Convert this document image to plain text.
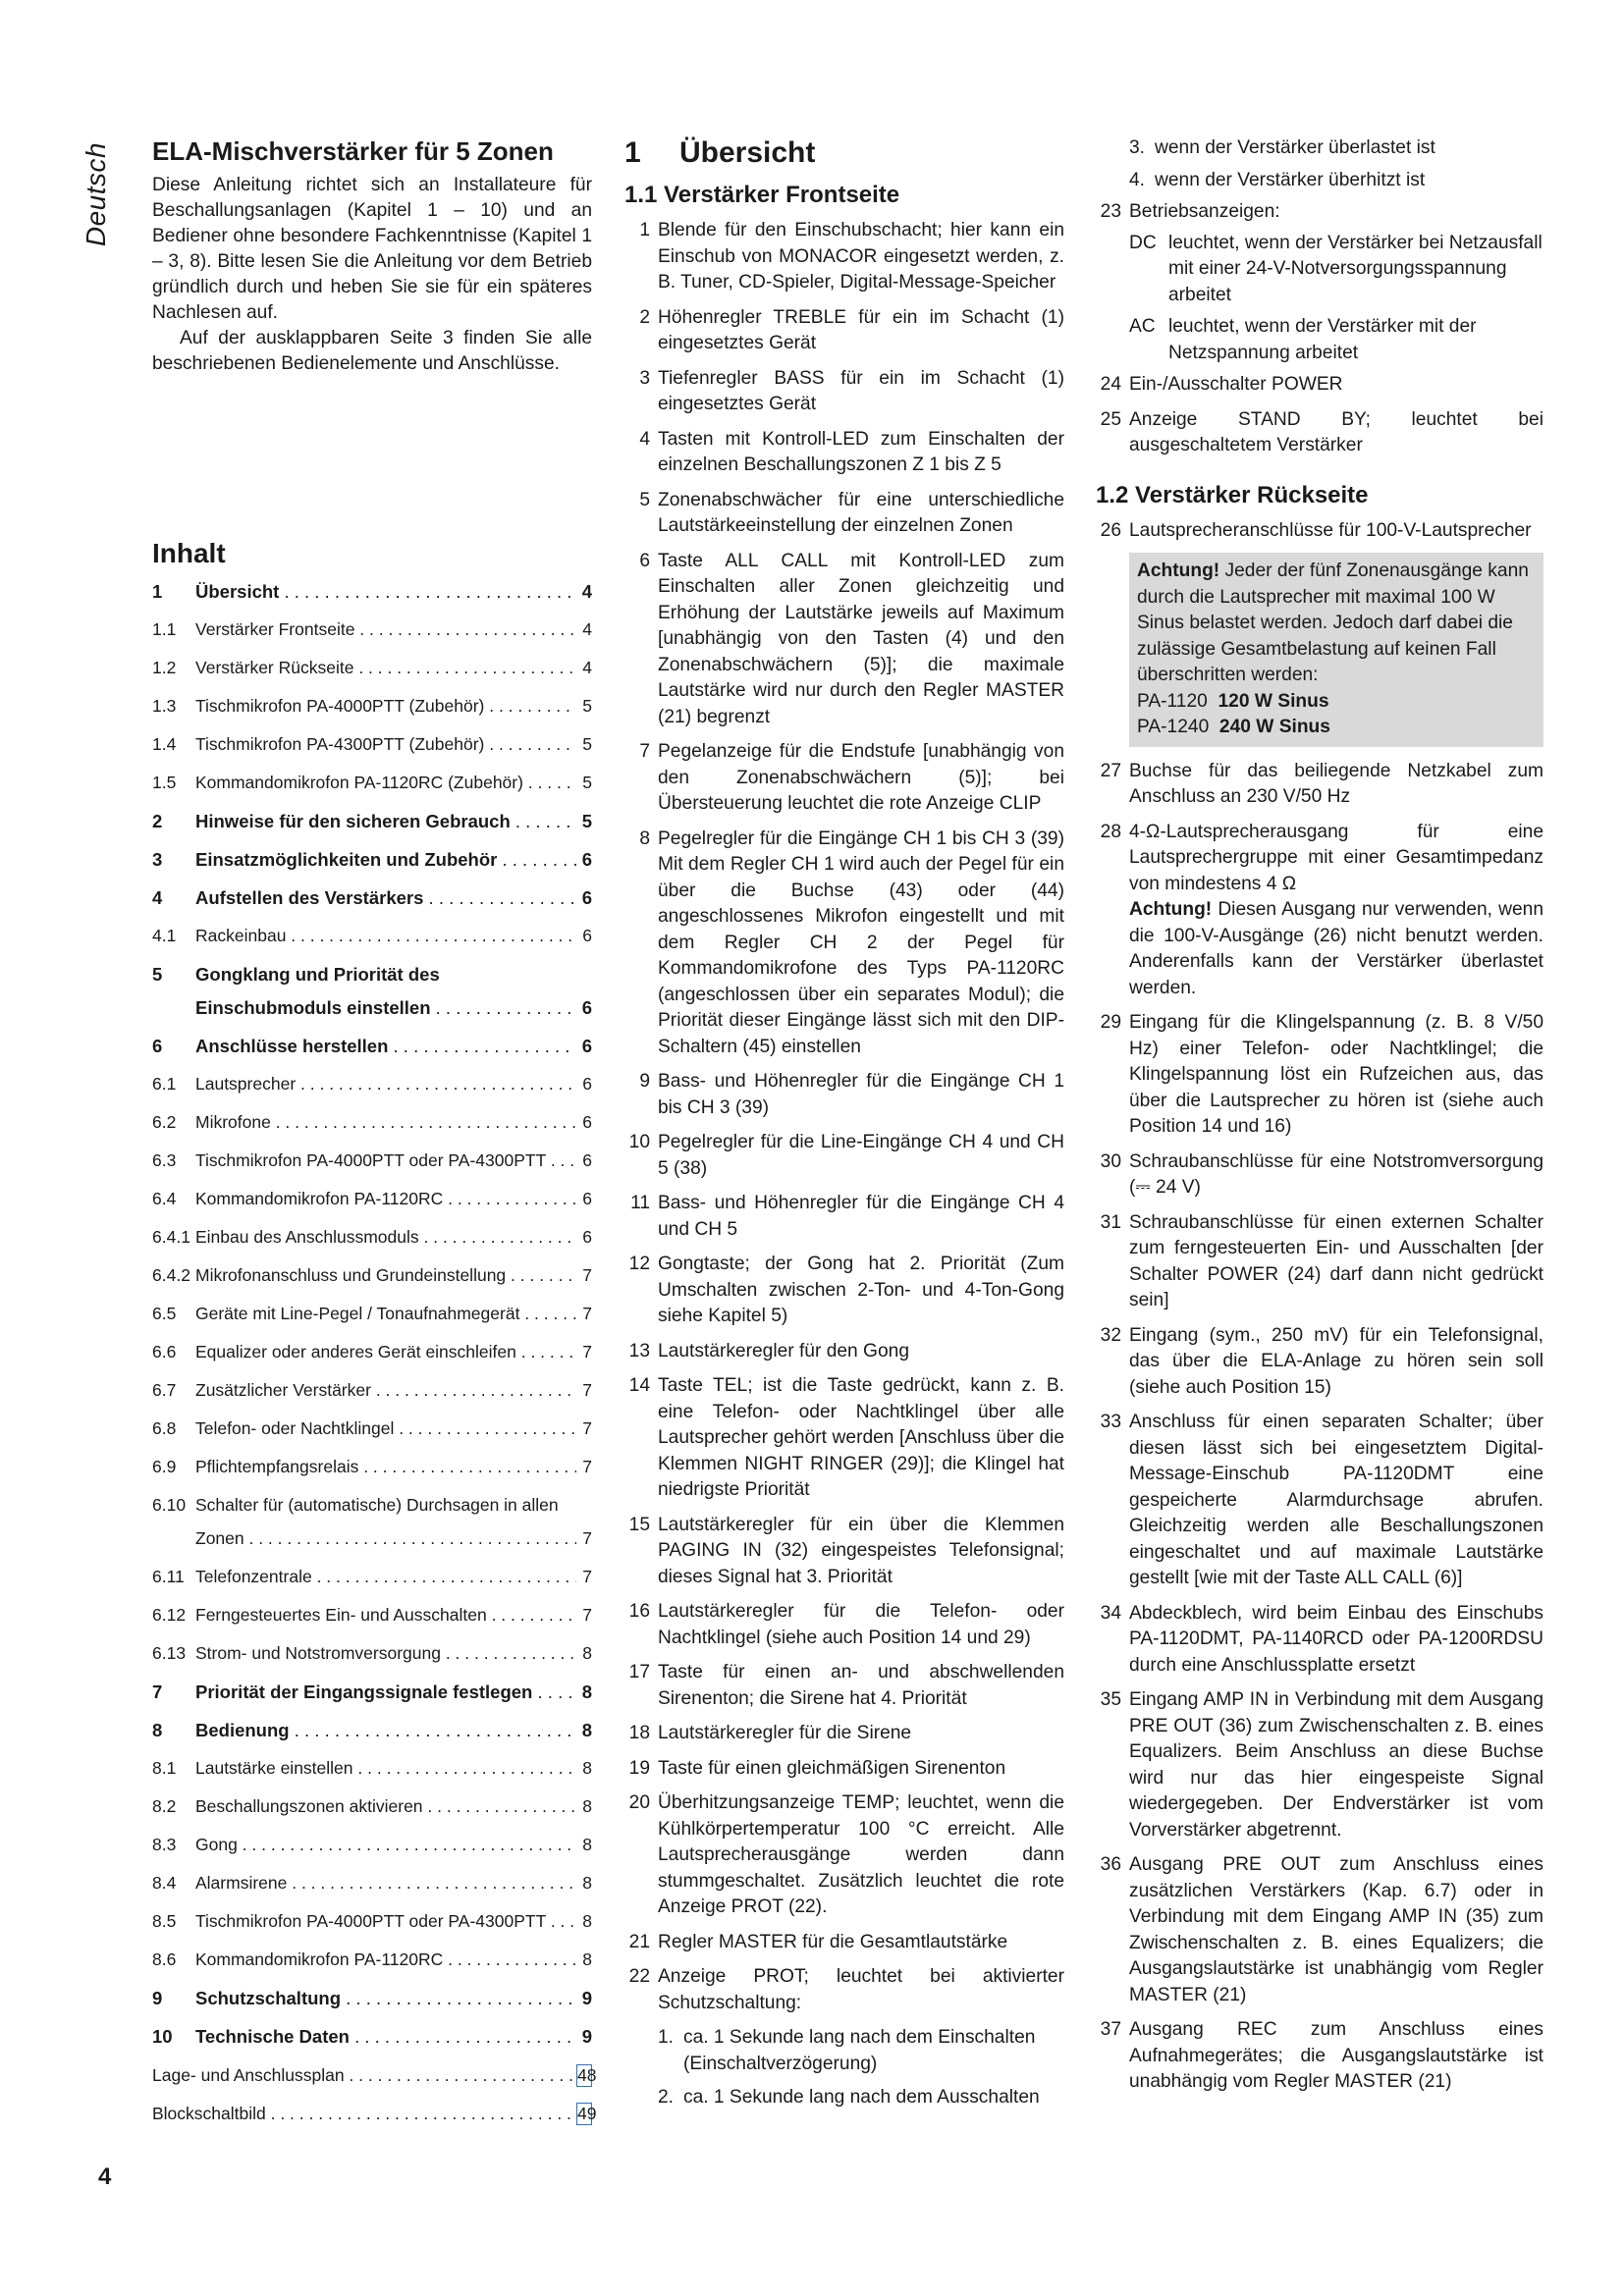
Deutsch ELA-Mischverstärker für 5 Zonen

Diese Anleitung richtet sich an Installateure für Beschallungsanlagen (Kapitel 1 – 10) und an Bediener ohne besondere Fachkenntnisse (Kapitel 1 – 3, 8). Bitte lesen Sie die Anleitung vor dem Betrieb gründlich durch und heben Sie sie für ein späteres Nachlesen auf.

Auf der ausklappbaren Seite 3 finden Sie alle beschriebenen Bedienelemente und Anschlüsse.

Inhalt
1	Übersicht . . .	4
1.1	Verstärker Frontseite . . .	4
1.2	Verstärker Rückseite . . .	4
1.3	Tischmikrofon PA-4000PTT (Zubehör) . . .	5
1.4	Tischmikrofon PA-4300PTT (Zubehör) . . .	5
1.5	Kommandomikrofon PA-1120RC (Zubehör) . . .	5
2	Hinweise für den sicheren Gebrauch . . .	5
3	Einsatzmöglichkeiten und Zubehör . . .	6
4	Aufstellen des Verstärkers . . .	6
4.1	Rackeinbau . . .	6
5	Gongklang und Priorität des
Einschubmoduls einstellen . . .	6
6	Anschlüsse herstellen . . .	6
6.1	Lautsprecher . . .	6
6.2	Mikrofone . . .	6
6.3	Tischmikrofon PA-4000PTT oder PA-4300PTT . . .	6
6.4	Kommandomikrofon PA-1120RC . . .	6
6.4.1 Einbau des Anschlussmoduls . . .	6
6.4.2 Mikrofonanschluss und Grundeinstellung . . .	7
6.5	Geräte mit Line-Pegel / Tonaufnahmegerät . . .	7
6.6	Equalizer oder anderes Gerät einschleifen . . .	7
6.7	Zusätzlicher Verstärker . . .	7
6.8	Telefon- oder Nachtklingel . . .	7
6.9	Pflichtempfangsrelais . . .	7
6.10 Schalter für (automatische) Durchsagen in allen
Zonen . . .	7
6.11 Telefonzentrale . . .	7
6.12 Ferngesteuertes Ein- und Ausschalten . . .	7
6.13 Strom- und Notstromversorgung . . .	8
7	Priorität der Eingangssignale festlegen . . .	8
8	Bedienung . . .	8
8.1	Lautstärke einstellen . . .	8
8.2	Beschallungszonen aktivieren . . .	8
8.3	Gong . . .	8
8.4	Alarmsirene . . .	8
8.5	Tischmikrofon PA-4000PTT oder PA-4300PTT . . .	8
8.6	Kommandomikrofon PA-1120RC . . .	8
9	Schutzschaltung . . .	9
10	Technische Daten . . .	9
Lage- und Anschlussplan . . .	48
Blockschaltbild . . .	49
1 Übersicht
1.1 Verstärker Frontseite
1 Blende für den Einschubschacht; hier kann ein Einschub von MONACOR eingesetzt werden, z. B. Tuner, CD-Spieler, Digital-Message-Speicher
2 Höhenregler TREBLE für ein im Schacht (1) eingesetztes Gerät
3 Tiefenregler BASS für ein im Schacht (1) eingesetztes Gerät
4 Tasten mit Kontroll-LED zum Einschalten der einzelnen Beschallungszonen Z 1 bis Z 5
5 Zonenabschwächer für eine unterschiedliche Lautstärkeeinstellung der einzelnen Zonen
6 Taste ALL CALL mit Kontroll-LED zum Einschalten aller Zonen gleichzeitig und Erhöhung der Lautstärke jeweils auf Maximum [unabhängig von den Tasten (4) und den Zonenabschwächern (5)]; die maximale Lautstärke wird nur durch den Regler MASTER (21) begrenzt
7 Pegelanzeige für die Endstufe [unabhängig von den Zonenabschwächern (5)]; bei Übersteuerung leuchtet die rote Anzeige CLIP
8 Pegelregler für die Eingänge CH 1 bis CH 3 (39) Mit dem Regler CH 1 wird auch der Pegel für ein über die Buchse (43) oder (44) angeschlossenes Mikrofon eingestellt und mit dem Regler CH 2 der Pegel für Kommandomikrofone des Typs PA-1120RC (angeschlossen über ein separates Modul); die Priorität dieser Eingänge lässt sich mit den DIP-Schaltern (45) einstellen
9 Bass- und Höhenregler für die Eingänge CH 1 bis CH 3 (39)
10 Pegelregler für die Line-Eingänge CH 4 und CH 5 (38)
11 Bass- und Höhenregler für die Eingänge CH 4 und CH 5
12 Gongtaste; der Gong hat 2. Priorität (Zum Umschalten zwischen 2-Ton- und 4-Ton-Gong siehe Kapitel 5)
13 Lautstärkeregler für den Gong
14 Taste TEL; ist die Taste gedrückt, kann z. B. eine Telefon- oder Nachtklingel über alle Lautsprecher gehört werden [Anschluss über die Klemmen NIGHT RINGER (29)]; die Klingel hat niedrigste Priorität
15 Lautstärkeregler für ein über die Klemmen PAGING IN (32) eingespeistes Telefonsignal; dieses Signal hat 3. Priorität
16 Lautstärkeregler für die Telefon- oder Nachtklingel (siehe auch Position 14 und 29)
17 Taste für einen an- und abschwellenden Sirenenton; die Sirene hat 4. Priorität
18 Lautstärkeregler für die Sirene
19 Taste für einen gleichmäßigen Sirenenton
20 Überhitzungsanzeige TEMP; leuchtet, wenn die Kühlkörpertemperatur 100 °C erreicht. Alle Lautsprecherausgänge werden dann stummgeschaltet. Zusätzlich leuchtet die rote Anzeige PROT (22).
21 Regler MASTER für die Gesamtlautstärke
22 Anzeige PROT; leuchtet bei aktivierter Schutzschaltung:
1. ca. 1 Sekunde lang nach dem Einschalten (Einschaltverzögerung)
2. ca. 1 Sekunde lang nach dem Ausschalten
3. wenn der Verstärker überlastet ist
4. wenn der Verstärker überhitzt ist
23 Betriebsanzeigen:
DC leuchtet, wenn der Verstärker bei Netzausfall mit einer 24-V-Notversorgungsspannung arbeitet
AC leuchtet, wenn der Verstärker mit der Netzspannung arbeitet
24 Ein-/Ausschalter POWER
25 Anzeige STAND BY; leuchtet bei ausgeschaltetem Verstärker
1.2 Verstärker Rückseite
26 Lautsprecheranschlüsse für 100-V-Lautsprecher
Achtung! Jeder der fünf Zonenausgänge kann durch die Lautsprecher mit maximal 100 W Sinus belastet werden. Jedoch darf dabei die zulässige Gesamtbelastung auf keinen Fall überschritten werden:
PA-1120 120 W Sinus
PA-1240 240 W Sinus
27 Buchse für das beiliegende Netzkabel zum Anschluss an 230 V/50 Hz
28 4-Ω-Lautsprecherausgang für eine Lautsprechergruppe mit einer Gesamtimpedanz von mindestens 4 Ω
Achtung! Diesen Ausgang nur verwenden, wenn die 100-V-Ausgänge (26) nicht benutzt werden. Anderenfalls kann der Verstärker überlastet werden.
29 Eingang für die Klingelspannung (z. B. 8 V/50 Hz) einer Telefon- oder Nachtklingel; die Klingelspannung löst ein Rufzeichen aus, das über die Lautsprecher zu hören ist (siehe auch Position 14 und 16)
30 Schraubanschlüsse für eine Notstromversorgung (⎓ 24 V)
31 Schraubanschlüsse für einen externen Schalter zum ferngesteuerten Ein- und Ausschalten [der Schalter POWER (24) darf dann nicht gedrückt sein]
32 Eingang (sym., 250 mV) für ein Telefonsignal, das über die ELA-Anlage zu hören sein soll (siehe auch Position 15)
33 Anschluss für einen separaten Schalter; über diesen lässt sich bei eingesetztem Digital-Message-Einschub PA-1120DMT eine gespeicherte Alarmdurchsage abrufen. Gleichzeitig werden alle Beschallungszonen eingeschaltet und auf maximale Lautstärke gestellt [wie mit der Taste ALL CALL (6)]
34 Abdeckblech, wird beim Einbau des Einschubs PA-1120DMT, PA-1140RCD oder PA-1200RDSU durch eine Anschlussplatte ersetzt
35 Eingang AMP IN in Verbindung mit dem Ausgang PRE OUT (36) zum Zwischenschalten z. B. eines Equalizers. Beim Anschluss an diese Buchse wird nur das hier eingespeiste Signal wiedergegeben. Der Endverstärker ist vom Vorverstärker abgetrennt.
36 Ausgang PRE OUT zum Anschluss eines zusätzlichen Verstärkers (Kap. 6.7) oder in Verbindung mit dem Eingang AMP IN (35) zum Zwischenschalten z. B. eines Equalizers; die Ausgangslautstärke ist unabhängig vom Regler MASTER (21)
37 Ausgang REC zum Anschluss eines Aufnahmegerätes; die Ausgangslautstärke ist unabhängig vom Regler MASTER (21)
4
